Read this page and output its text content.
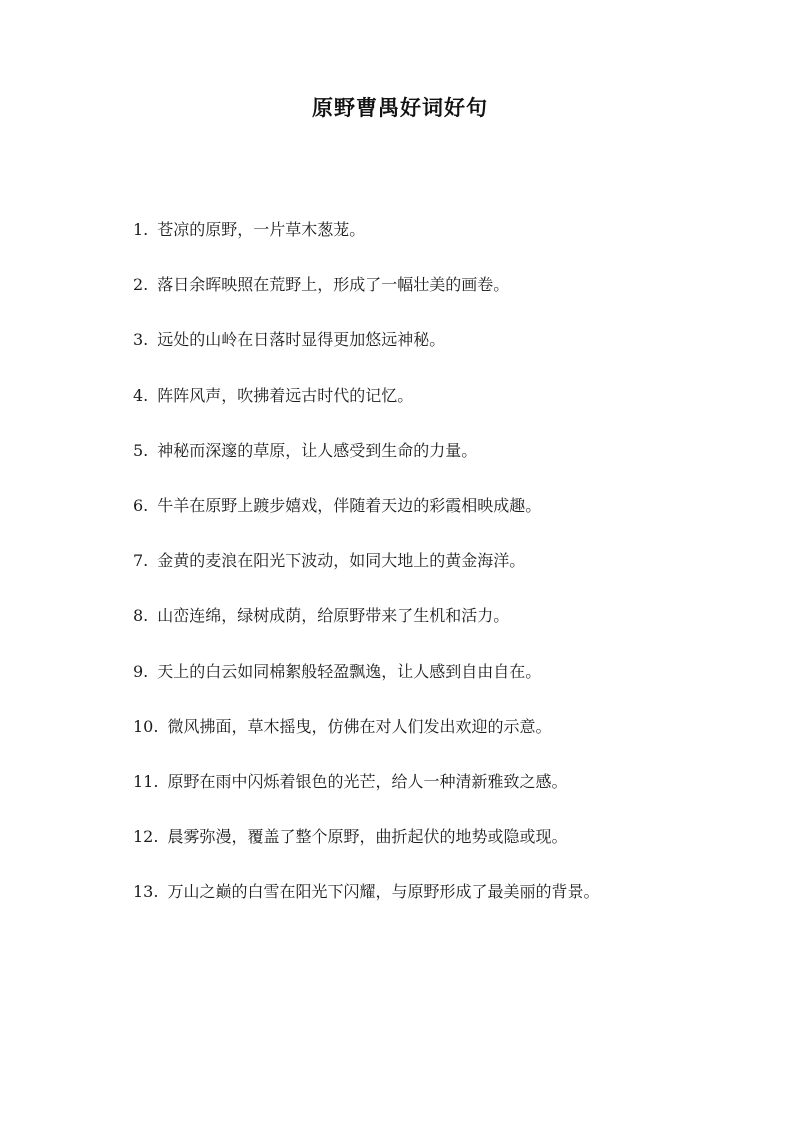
原野曹禺好词好句
1. 苍凉的原野，一片草木葱茏。
2. 落日余晖映照在荒野上，形成了一幅壮美的画卷。
3. 远处的山岭在日落时显得更加悠远神秘。
4. 阵阵风声，吹拂着远古时代的记忆。
5. 神秘而深邃的草原，让人感受到生命的力量。
6. 牛羊在原野上踱步嬉戏，伴随着天边的彩霞相映成趣。
7. 金黄的麦浪在阳光下波动，如同大地上的黄金海洋。
8. 山峦连绵，绿树成荫，给原野带来了生机和活力。
9. 天上的白云如同棉絮般轻盈飘逸，让人感到自由自在。
10. 微风拂面，草木摇曳，仿佛在对人们发出欢迎的示意。
11. 原野在雨中闪烁着银色的光芒，给人一种清新雅致之感。
12. 晨雾弥漫，覆盖了整个原野，曲折起伏的地势或隐或现。
13. 万山之巅的白雪在阳光下闪耀，与原野形成了最美丽的背景。
